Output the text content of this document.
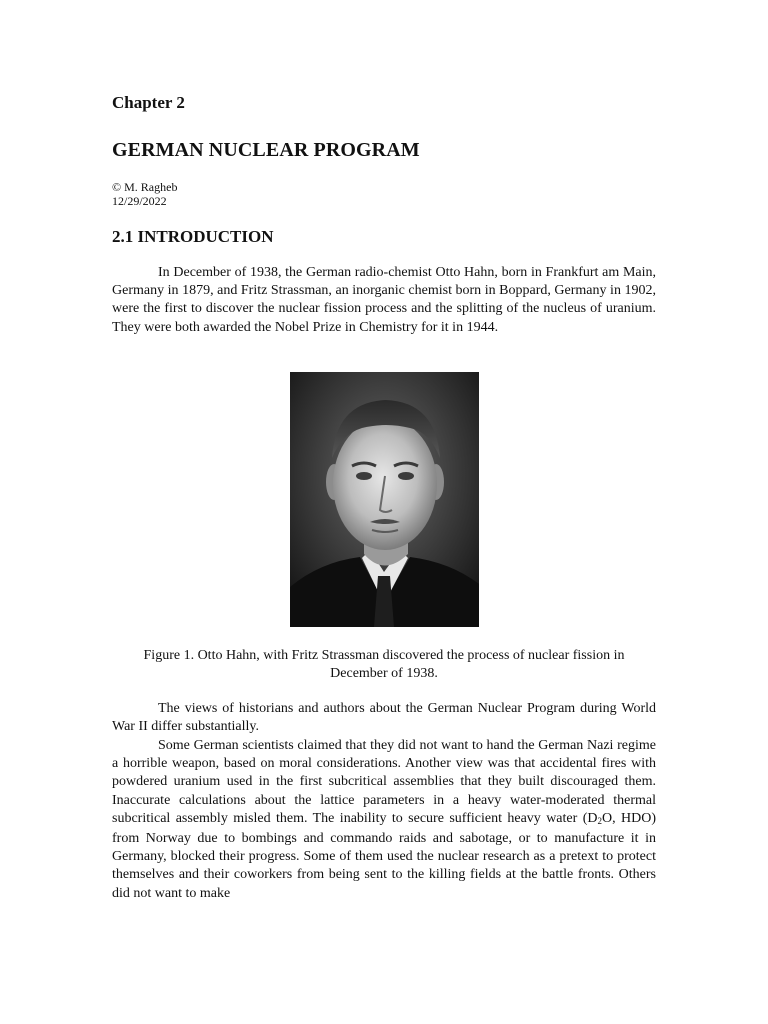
Chapter 2
GERMAN NUCLEAR PROGRAM
© M. Ragheb
12/29/2022
2.1 INTRODUCTION

In December of 1938, the German radio-chemist Otto Hahn, born in Frankfurt am Main, Germany in 1879, and Fritz Strassman, an inorganic chemist born in Boppard, Germany in 1902, were the first to discover the nuclear fission process and the splitting of the nucleus of uranium. They were both awarded the Nobel Prize in Chemistry for it in 1944.

Figure 1. Otto Hahn, with Fritz Strassman discovered the process of nuclear fission in
December of 1938.

The views of historians and authors about the German Nuclear Program during World War II differ substantially.

Some German scientists claimed that they did not want to hand the German Nazi regime a horrible weapon, based on moral considerations. Another view was that accidental fires with powdered uranium used in the first subcritical assemblies that they built discouraged them. Inaccurate calculations about the lattice parameters in a heavy water-moderated thermal subcritical assembly misled them. The inability to secure sufficient heavy water ($D_2O$, HDO) from Norway due to bombings and commando raids and sabotage, or to manufacture it in Germany, blocked their progress. Some of them used the nuclear research as a pretext to protect themselves and their coworkers from being sent to the killing fields at the battle fronts. Others did not want to make
